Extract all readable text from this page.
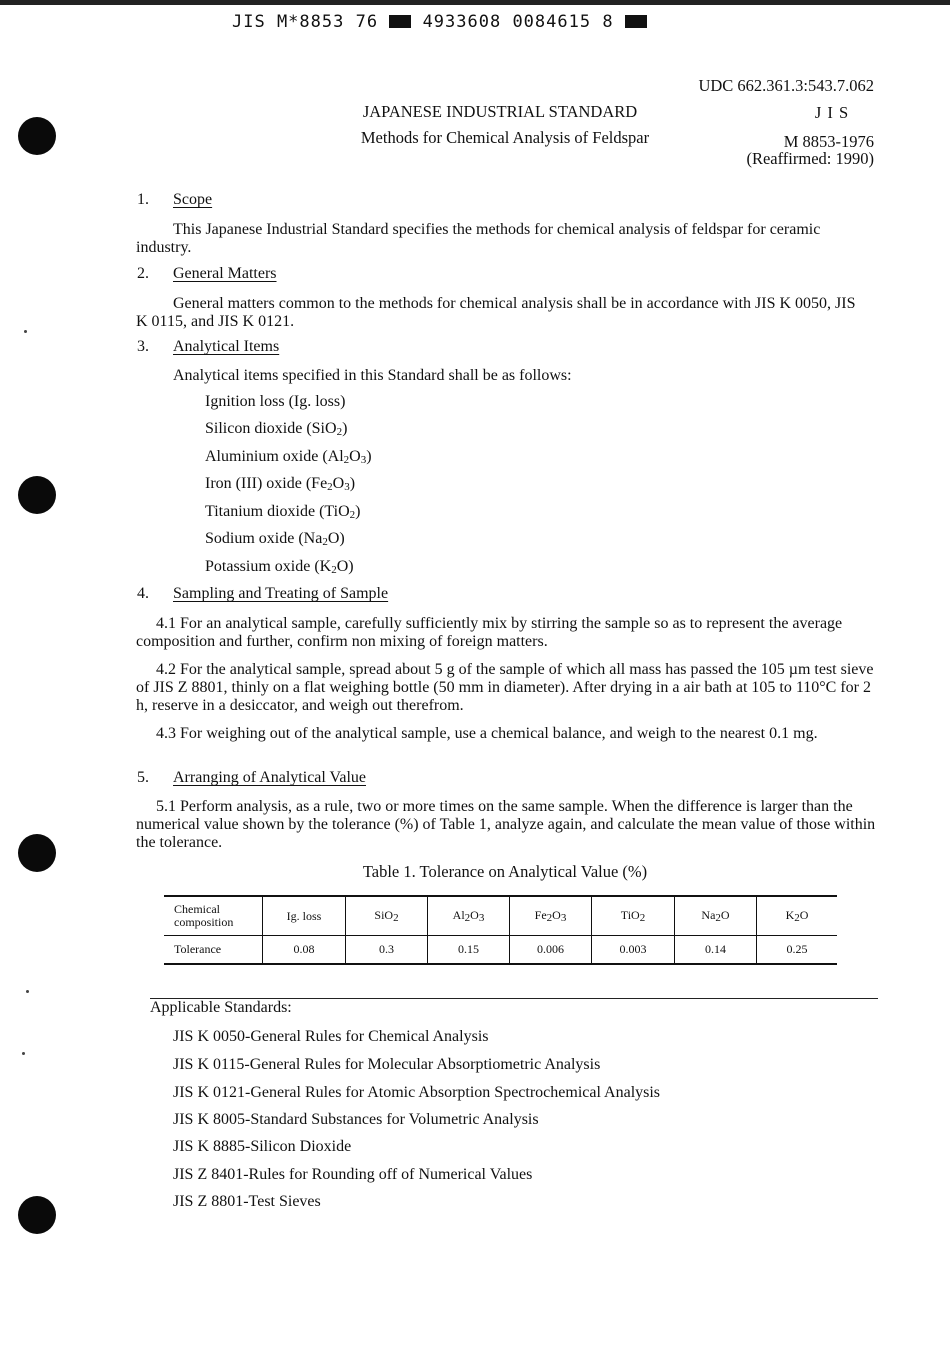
JIS M*8853 76	4933608 0084615 8
UDC 662.361.3:543.7.062
JAPANESE INDUSTRIAL STANDARD	J I S
Methods for Chemical Analysis of Feldspar	M 8853-1976
(Reaffirmed: 1990)
1. Scope
This Japanese Industrial Standard specifies the methods for chemical analysis of feldspar for ceramic industry.
2. General Matters
General matters common to the methods for chemical analysis shall be in accordance with JIS K 0050, JIS K 0115, and JIS K 0121.
3. Analytical Items
Analytical items specified in this Standard shall be as follows:
Ignition loss (Ig. loss)
Silicon dioxide (SiO$_2$)
Aluminium oxide $(Al_2O_3)$
Iron (III) oxide $(Fe_2O_3)$
Titanium dioxide (TiO$_2$)
Sodium oxide $(Na_2O)$
Potassium oxide $(K_2O)$
4. Sampling and Treating of Sample
4.1 For an analytical sample, carefully sufficiently mix by stirring the sample so as to represent the average composition and further, confirm non mixing of foreign matters.
4.2 For the analytical sample, spread about 5 g of the sample of which all mass has passed the 105 µm test sieve of JIS Z 8801, thinly on a flat weighing bottle (50 mm in diameter). After drying in a air bath at 105 to 110°C for 2 h, reserve in a desiccator, and weigh out therefrom.
4.3 For weighing out of the analytical sample, use a chemical balance, and weigh to the nearest 0.1 mg.
5. Arranging of Analytical Value
5.1 Perform analysis, as a rule, two or more times on the same sample. When the difference is larger than the numerical value shown by the tolerance (%) of Table 1, analyze again, and calculate the mean value of those within the tolerance.
Table 1. Tolerance on Analytical Value (%)
Chemical composition	Ig. loss	SiO$_2$	$Al_2O_3$	$Fe_2O_3$	TiO$_2$	$Na_2O$	$K_2O$
Tolerance	0.08	0.3	0.15	0.006	0.003	0.14	0.25
Applicable Standards:
JIS K 0050-General Rules for Chemical Analysis
JIS K 0115-General Rules for Molecular Absorptiometric Analysis
JIS K 0121-General Rules for Atomic Absorption Spectrochemical Analysis
JIS K 8005-Standard Substances for Volumetric Analysis
JIS K 8885-Silicon Dioxide
JIS Z 8401-Rules for Rounding off of Numerical Values
JIS Z 8801-Test Sieves
